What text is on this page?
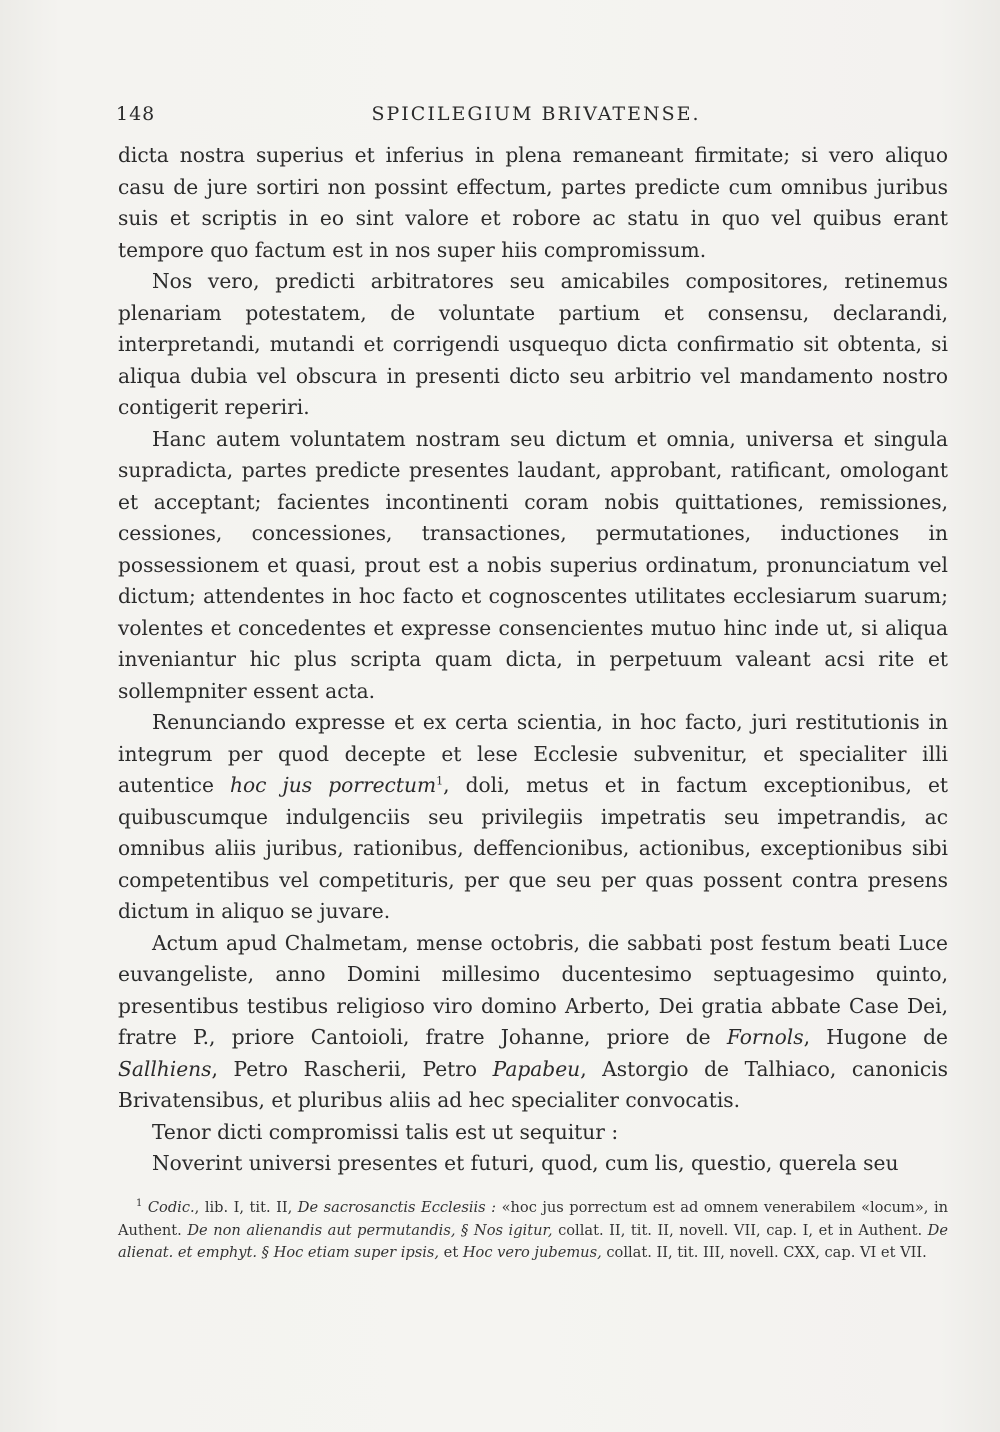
148	SPICILEGIUM BRIVATENSE.

dicta nostra superius et inferius in plena remaneant firmitate; si vero aliquo casu de jure sortiri non possint effectum, partes predicte cum omnibus juribus suis et scriptis in eo sint valore et robore ac statu in quo vel quibus erant tempore quo factum est in nos super hiis compromissum.

Nos vero, predicti arbitratores seu amicabiles compositores, retinemus plenariam potestatem, de voluntate partium et consensu, declarandi, interpretandi, mutandi et corrigendi usquequo dicta confirmatio sit obtenta, si aliqua dubia vel obscura in presenti dicto seu arbitrio vel mandamento nostro contigerit reperiri.

Hanc autem voluntatem nostram seu dictum et omnia, universa et singula supradicta, partes predicte presentes laudant, approbant, ratificant, omologant et acceptant; facientes incontinenti coram nobis quittationes, remissiones, cessiones, concessiones, transactiones, permutationes, inductiones in possessionem et quasi, prout est a nobis superius ordinatum, pronunciatum vel dictum; attendentes in hoc facto et cognoscentes utilitates ecclesiarum suarum; volentes et concedentes et expresse consencientes mutuo hinc inde ut, si aliqua inveniantur hic plus scripta quam dicta, in perpetuum valeant acsi rite et sollempniter essent acta.

Renunciando expresse et ex certa scientia, in hoc facto, juri restitutionis in integrum per quod decepte et lese Ecclesie subvenitur, et specialiter illi autentice hoc jus porrectum$^1$, doli, metus et in factum exceptionibus, et quibuscumque indulgenciis seu privilegiis impetratis seu impetrandis, ac omnibus aliis juribus, rationibus, deffencionibus, actionibus, exceptionibus sibi competentibus vel competituris, per que seu per quas possent contra presens dictum in aliquo se juvare.

Actum apud Chalmetam, mense octobris, die sabbati post festum beati Luce euvangeliste, anno Domini millesimo ducentesimo septuagesimo quinto, presentibus testibus religioso viro domino Arberto, Dei gratia abbate Case Dei, fratre P., priore Cantoioli, fratre Johanne, priore de Fornols, Hugone de Sallhiens, Petro Rascherii, Petro Papabeu, Astorgio de Talhiaco, canonicis Brivatensibus, et pluribus aliis ad hec specialiter convocatis.

Tenor dicti compromissi talis est ut sequitur :

Noverint universi presentes et futuri, quod, cum lis, questio, querela seu

$^1$ Codic., lib. I, tit. II, De sacrosanctis Ecclesiis : «hoc jus porrectum est ad omnem venerabilem «locum», in Authent. De non alienandis aut permutandis, § Nos igitur, collat. II, tit. II, novell. VII, cap. I, et in Authent. De alienat. et emphyt. § Hoc etiam super ipsis, et Hoc vero jubemus, collat. II, tit. III, novell. CXX, cap. VI et VII.
